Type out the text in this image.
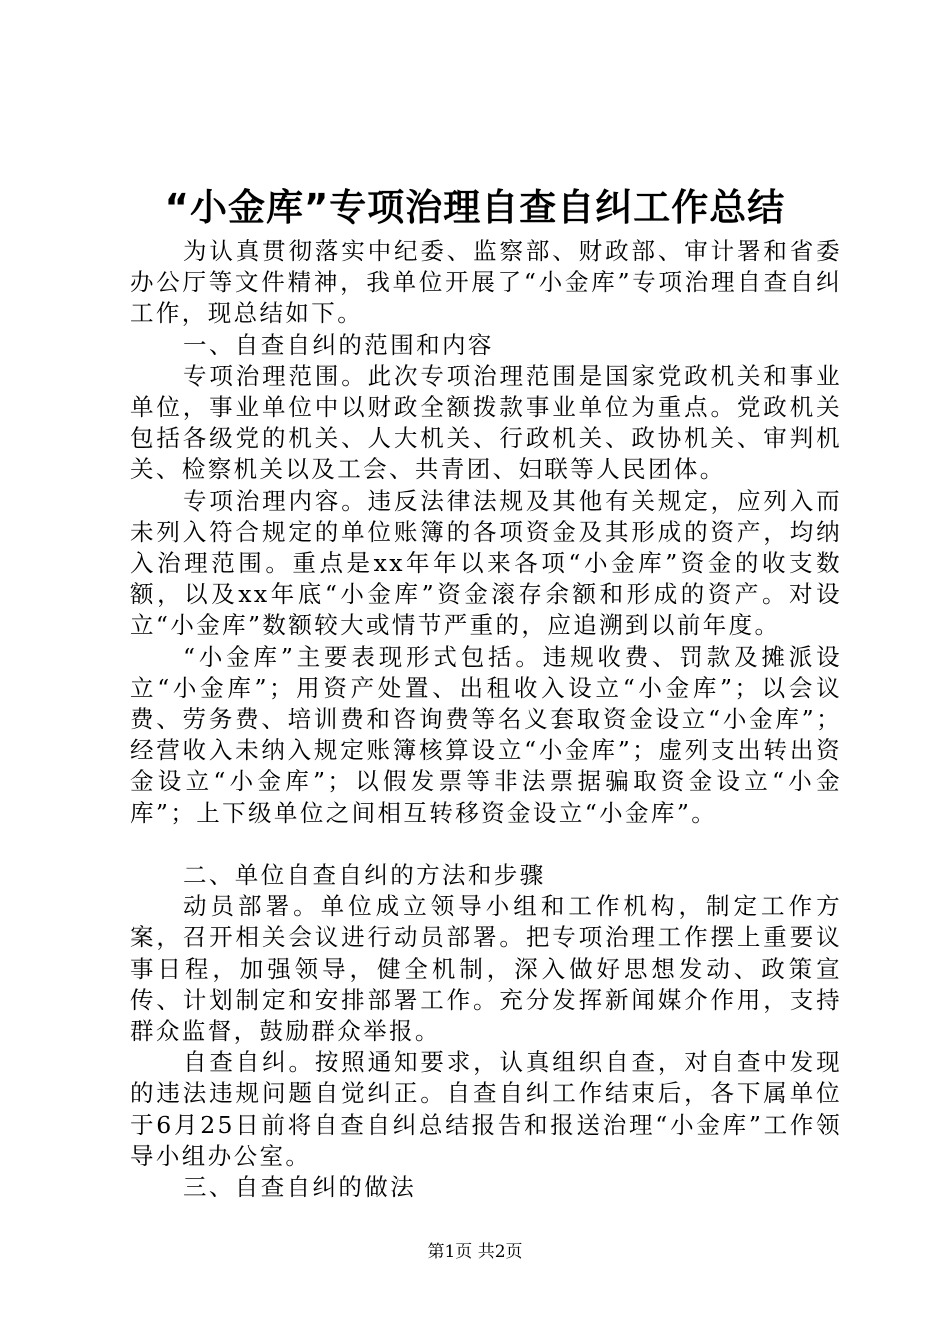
“小金库”专项治理自查自纠工作总结

为认真贯彻落实中纪委、监察部、财政部、审计署和省委办公厅等文件精神，我单位开展了“小金库”专项治理自查自纠工作，现总结如下。

一、自查自纠的范围和内容

专项治理范围。此次专项治理范围是国家党政机关和事业单位，事业单位中以财政全额拨款事业单位为重点。党政机关包括各级党的机关、人大机关、行政机关、政协机关、审判机关、检察机关以及工会、共青团、妇联等人民团体。

专项治理内容。违反法律法规及其他有关规定，应列入而未列入符合规定的单位账簿的各项资金及其形成的资产，均纳入治理范围。重点是xx年年以来各项“小金库”资金的收支数额，以及xx年底“小金库”资金滚存余额和形成的资产。对设立“小金库”数额较大或情节严重的，应追溯到以前年度。

“小金库”主要表现形式包括。违规收费、罚款及摊派设立“小金库”；用资产处置、出租收入设立“小金库”；以会议费、劳务费、培训费和咨询费等名义套取资金设立“小金库”；经营收入未纳入规定账簿核算设立“小金库”；虚列支出转出资金设立“小金库”；以假发票等非法票据骗取资金设立“小金库”；上下级单位之间相互转移资金设立“小金库”。

二、单位自查自纠的方法和步骤

动员部署。单位成立领导小组和工作机构，制定工作方案，召开相关会议进行动员部署。把专项治理工作摆上重要议事日程，加强领导，健全机制，深入做好思想发动、政策宣传、计划制定和安排部署工作。充分发挥新闻媒介作用，支持群众监督，鼓励群众举报。

自查自纠。按照通知要求，认真组织自查，对自查中发现的违法违规问题自觉纠正。自查自纠工作结束后，各下属单位于6月25日前将自查自纠总结报告和报送治理“小金库”工作领导小组办公室。

三、自查自纠的做法

第1页 共2页
